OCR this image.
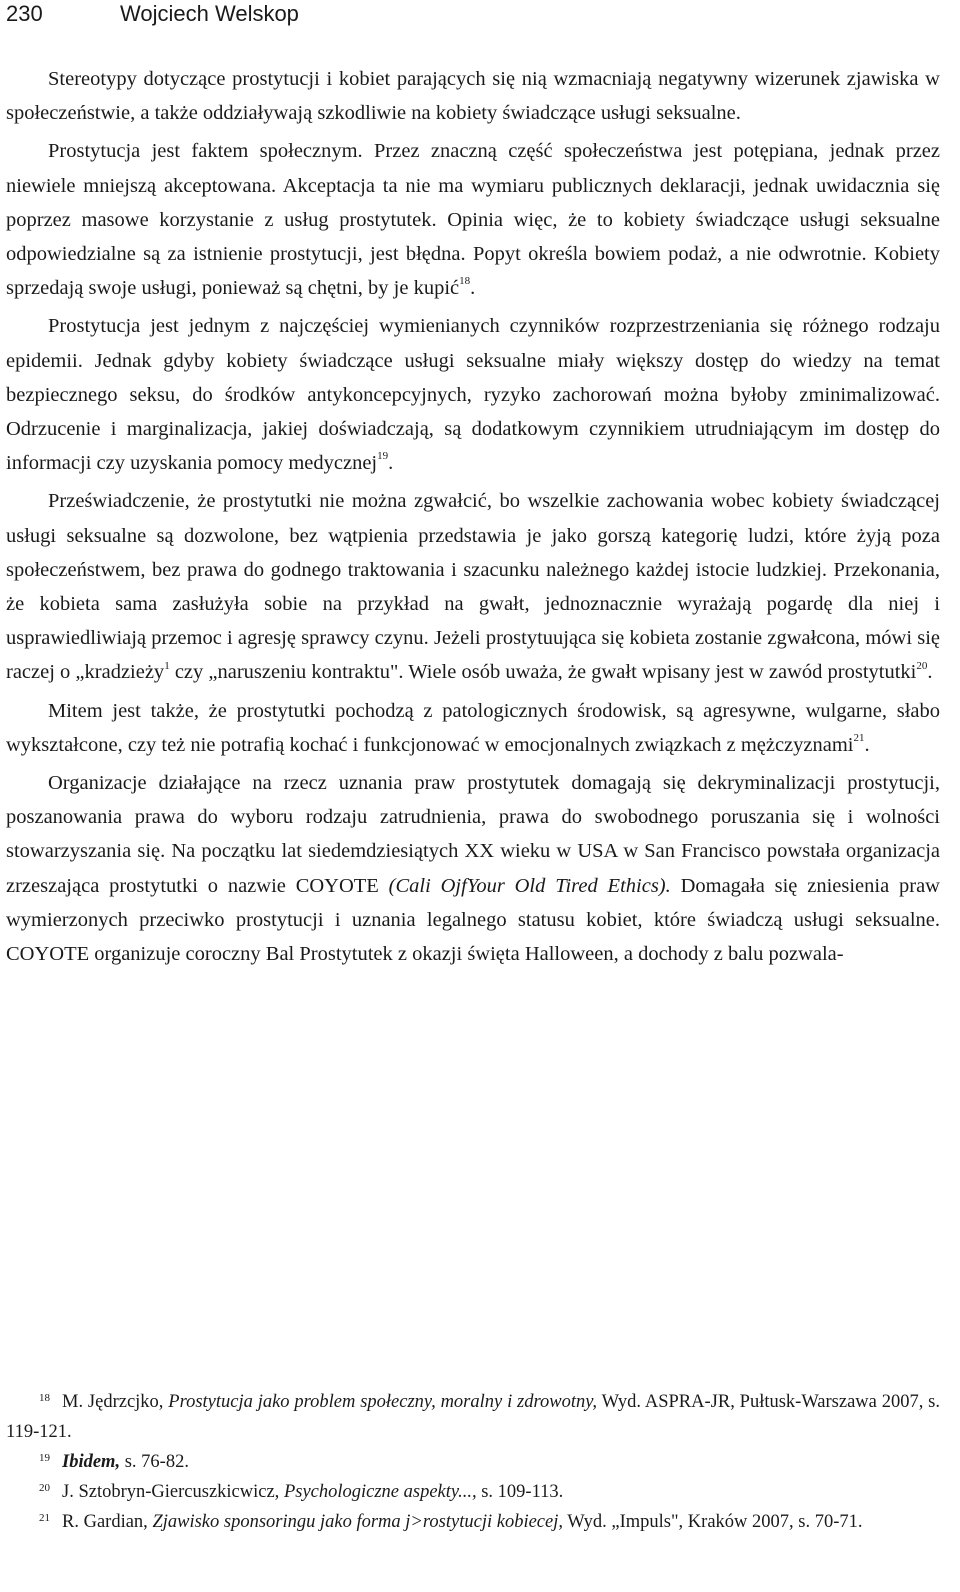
230	Wojciech Welskop

Stereotypy dotyczące prostytucji i kobiet parających się nią wzmacniają negatywny wizerunek zjawiska w społeczeństwie, a także oddziaływają szkodliwie na kobiety świadczące usługi seksualne.

Prostytucja jest faktem społecznym. Przez znaczną część społeczeństwa jest potępiana, jednak przez niewiele mniejszą akceptowana. Akceptacja ta nie ma wymiaru publicznych deklaracji, jednak uwidacznia się poprzez masowe korzystanie z usług prostytutek. Opinia więc, że to kobiety świadczące usługi seksualne odpowiedzialne są za istnienie prostytucji, jest błędna. Popyt określa bowiem podaż, a nie odwrotnie. Kobiety sprzedają swoje usługi, ponieważ są chętni, by je kupić$^{18}$.

Prostytucja jest jednym z najczęściej wymienianych czynników rozprzestrzeniania się różnego rodzaju epidemii. Jednak gdyby kobiety świadczące usługi seksualne miały większy dostęp do wiedzy na temat bezpiecznego seksu, do środków antykoncepcyjnych, ryzyko zachorowań można byłoby zminimalizować. Odrzucenie i marginalizacja, jakiej doświadczają, są dodatkowym czynnikiem utrudniającym im dostęp do informacji czy uzyskania pomocy medycznej$^{19}$.

Przeświadczenie, że prostytutki nie można zgwałcić, bo wszelkie zachowania wobec kobiety świadczącej usługi seksualne są dozwolone, bez wątpienia przedstawia je jako gorszą kategorię ludzi, które żyją poza społeczeństwem, bez prawa do godnego traktowania i szacunku należnego każdej istocie ludzkiej. Przekonania, że kobieta sama zasłużyła sobie na przykład na gwałt, jednoznacznie wyrażają pogardę dla niej i usprawiedliwiają przemoc i agresję sprawcy czynu. Jeżeli prostytuująca się kobieta zostanie zgwałcona, mówi się raczej o „kradzieży$^1$ czy „naruszeniu kontraktu". Wiele osób uważa, że gwałt wpisany jest w zawód prostytutki$^{20}$.

Mitem jest także, że prostytutki pochodzą z patologicznych środowisk, są agresywne, wulgarne, słabo wykształcone, czy też nie potrafią kochać i funkcjonować w emocjonalnych związkach z mężczyznami$^{21}$.

Organizacje działające na rzecz uznania praw prostytutek domagają się dekryminalizacji prostytucji, poszanowania prawa do wyboru rodzaju zatrudnienia, prawa do swobodnego poruszania się i wolności stowarzyszania się. Na początku lat siedemdziesiątych XX wieku w USA w San Francisco powstała organizacja zrzeszająca prostytutki o nazwie COYOTE (Cali OjfYour Old Tired Ethics). Domagała się zniesienia praw wymierzonych przeciwko prostytucji i uznania legalnego statusu kobiet, które świadczą usługi seksualne. COYOTE organizuje coroczny Bal Prostytutek z okazji święta Halloween, a dochody z balu pozwala-

18 M. Jędrzcjko, Prostytucja jako problem społeczny, moralny i zdrowotny, Wyd. ASPRA-JR, Pułtusk-Warszawa 2007, s. 119-121.

19 Ibidem, s. 76-82.

20 J. Sztobryn-Giercuszkicwicz, Psychologiczne aspekty..., s. 109-113.

21 R. Gardian, Zjawisko sponsoringu jako forma j>rostytucji kobiecej, Wyd. „Impuls", Kraków 2007, s. 70-71.
